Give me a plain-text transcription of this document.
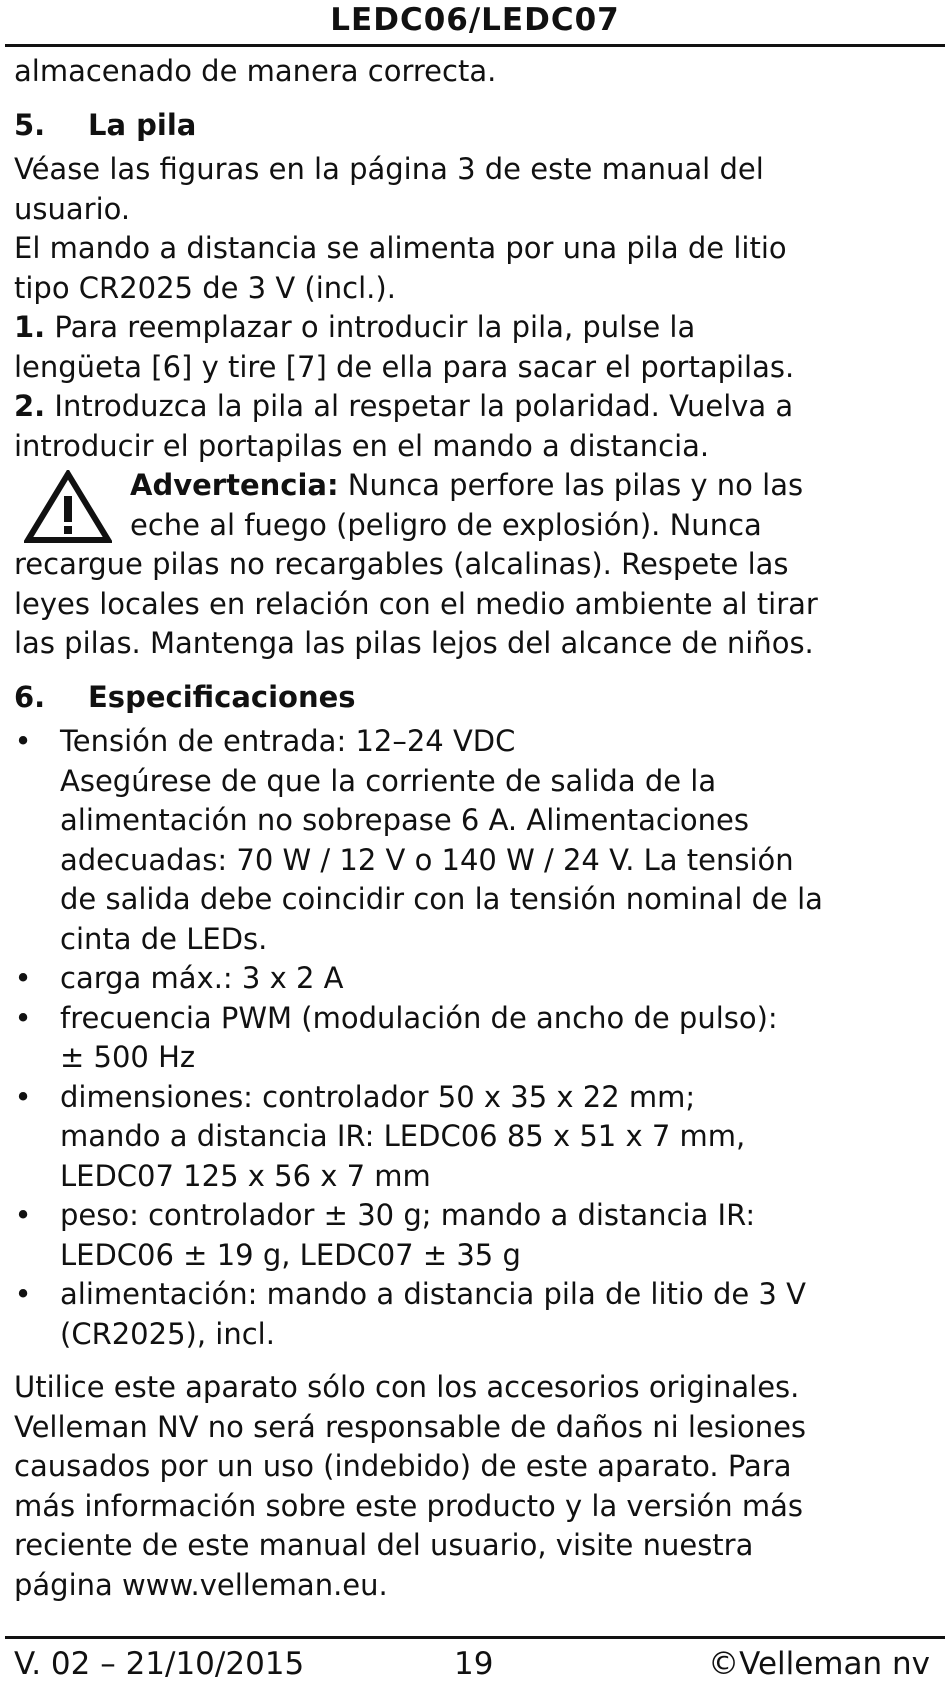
LEDC06/LEDC07

almacenado de manera correcta.

5. La pila
Véase las figuras en la página 3 de este manual del
usuario.
El mando a distancia se alimenta por una pila de litio
tipo CR2025 de 3 V (incl.).
1. Para reemplazar o introducir la pila, pulse la
lengüeta [6] y tire [7] de ella para sacar el portapilas.
2. Introduzca la pila al respetar la polaridad. Vuelva a
introducir el portapilas en el mando a distancia.
Advertencia: Nunca perfore las pilas y no las
eche al fuego (peligro de explosión). Nunca
recargue pilas no recargables (alcalinas). Respete las
leyes locales en relación con el medio ambiente al tirar
las pilas. Mantenga las pilas lejos del alcance de niños.
6. Especificaciones
• Tensión de entrada: 12–24 VDC
Asegúrese de que la corriente de salida de la
alimentación no sobrepase 6 A. Alimentaciones
adecuadas: 70 W / 12 V o 140 W / 24 V. La tensión
de salida debe coincidir con la tensión nominal de la
cinta de LEDs.
• carga máx.: 3 x 2 A
• frecuencia PWM (modulación de ancho de pulso):
± 500 Hz
• dimensiones: controlador 50 x 35 x 22 mm;
mando a distancia IR: LEDC06 85 x 51 x 7 mm,
LEDC07 125 x 56 x 7 mm
• peso: controlador ± 30 g; mando a distancia IR:
LEDC06 ± 19 g, LEDC07 ± 35 g
• alimentación: mando a distancia pila de litio de 3 V
(CR2025), incl.
Utilice este aparato sólo con los accesorios originales.
Velleman NV no será responsable de daños ni lesiones
causados por un uso (indebido) de este aparato. Para
más información sobre este producto y la versión más
reciente de este manual del usuario, visite nuestra
página www.velleman.eu.
V. 02 – 21/10/2015	19	©Velleman nv
